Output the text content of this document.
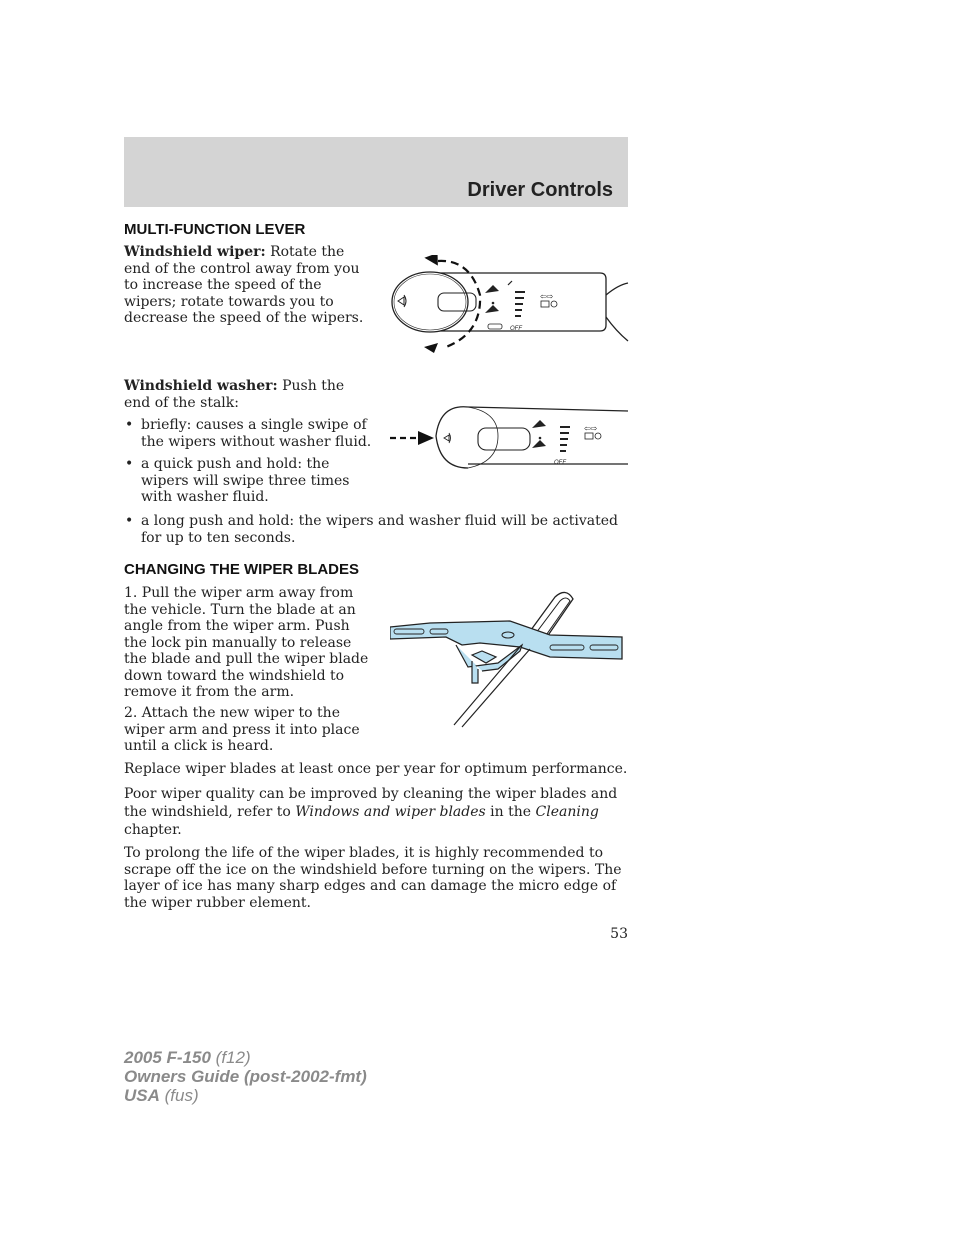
Driver Controls
MULTI-FUNCTION LEVER
Windshield wiper: Rotate the end of the control away from you to increase the speed of the wipers; rotate towards you to decrease the speed of the wipers.
OFF
⇦⇨
Windshield washer: Push the end of the stalk:
• briefly: causes a single swipe of the wipers without washer fluid.
• a quick push and hold: the wipers will swipe three times with washer fluid.
• a long push and hold: the wipers and washer fluid will be activated for up to ten seconds.
OFF
⇦⇨
CHANGING THE WIPER BLADES
1. Pull the wiper arm away from the vehicle. Turn the blade at an angle from the wiper arm. Push the lock pin manually to release the blade and pull the wiper blade down toward the windshield to remove it from the arm.
2. Attach the new wiper to the wiper arm and press it into place until a click is heard.
Replace wiper blades at least once per year for optimum performance.
Poor wiper quality can be improved by cleaning the wiper blades and the windshield, refer to Windows and wiper blades in the Cleaning chapter.
To prolong the life of the wiper blades, it is highly recommended to scrape off the ice on the windshield before turning on the wipers. The layer of ice has many sharp edges and can damage the micro edge of the wiper rubber element.
53
2005 F-150 (f12)
Owners Guide (post-2002-fmt)
USA (fus)
